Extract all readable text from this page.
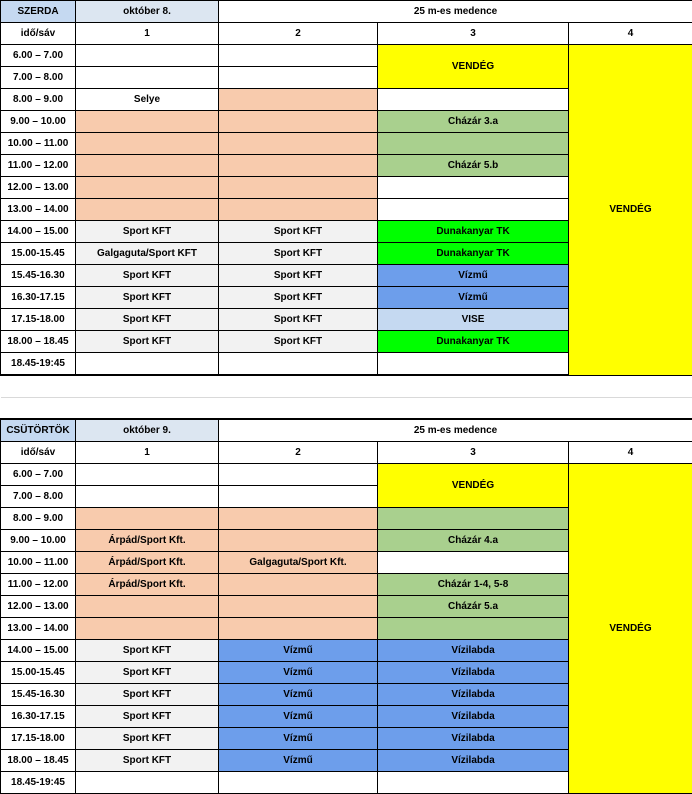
SZERDA	október 8.	25 m-es medence		
idő/sáv	1	2	3	4
6.00 – 7.00			VENDÉG	VENDÉG
7.00 – 8.00				
8.00 – 9.00	Selye			
9.00 – 10.00			Cházár 3.a	
10.00 – 11.00				
11.00 – 12.00			Cházár 5.b	
12.00 – 13.00				
13.00 – 14.00				
14.00 – 15.00	Sport KFT	Sport KFT	Dunakanyar TK	
15.00-15.45	Galgaguta/Sport KFT	Sport KFT	Dunakanyar TK	
15.45-16.30	Sport KFT	Sport KFT	Vízmű	
16.30-17.15	Sport KFT	Sport KFT	Vízmű	
17.15-18.00	Sport KFT	Sport KFT	VISE	
18.00 – 18.45	Sport KFT	Sport KFT	Dunakanyar TK	
18.45-19:45				

CSÜTÖRTÖK	október 9.	25 m-es medence		
idő/sáv	1	2	3	4
6.00 – 7.00			VENDÉG	VENDÉG
7.00 – 8.00				
8.00 – 9.00				
9.00 – 10.00	Árpád/Sport Kft.		Cházár 4.a	
10.00 – 11.00	Árpád/Sport Kft.	Galgaguta/Sport Kft.		
11.00 – 12.00	Árpád/Sport Kft.		Cházár 1-4, 5-8	
12.00 – 13.00			Cházár 5.a	
13.00 – 14.00				
14.00 – 15.00	Sport KFT	Vízmű	Vízilabda	
15.00-15.45	Sport KFT	Vízmű	Vízilabda	
15.45-16.30	Sport KFT	Vízmű	Vízilabda	
16.30-17.15	Sport KFT	Vízmű	Vízilabda	
17.15-18.00	Sport KFT	Vízmű	Vízilabda	
18.00 – 18.45	Sport KFT	Vízmű	Vízilabda	
18.45-19:45				
